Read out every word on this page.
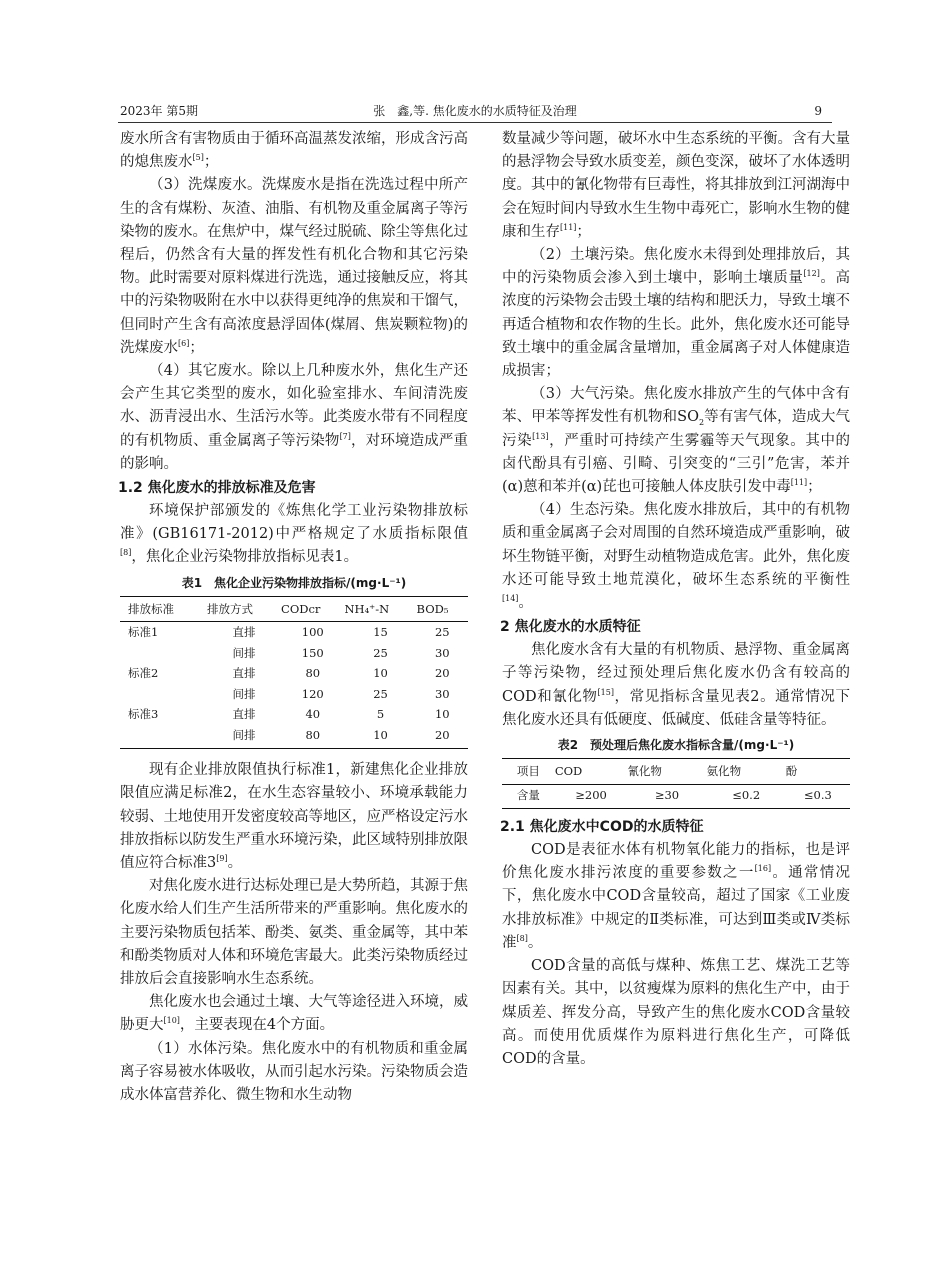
2023年 第5期	张　鑫,等. 焦化废水的水质特征及治理	9

废水所含有害物质由于循环高温蒸发浓缩，形成含污高的熄焦废水[5]；

（3）洗煤废水。洗煤废水是指在洗选过程中所产生的含有煤粉、灰渣、油脂、有机物及重金属离子等污染物的废水。在焦炉中，煤气经过脱硫、除尘等焦化过程后，仍然含有大量的挥发性有机化合物和其它污染物。此时需要对原料煤进行洗选，通过接触反应，将其中的污染物吸附在水中以获得更纯净的焦炭和干馏气，但同时产生含有高浓度悬浮固体(煤屑、焦炭颗粒物)的洗煤废水[6]；

（4）其它废水。除以上几种废水外，焦化生产还会产生其它类型的废水，如化验室排水、车间清洗废水、沥青浸出水、生活污水等。此类废水带有不同程度的有机物质、重金属离子等污染物[7]，对环境造成严重的影响。

1.2 焦化废水的排放标准及危害

环境保护部颁发的《炼焦化学工业污染物排放标准》(GB16171-2012)中严格规定了水质指标限值[8]，焦化企业污染物排放指标见表1。

表1　焦化企业污染物排放指标/(mg·L⁻¹)
排放标准	排放方式	CODcr	NH₄⁺-N	BOD₅
标准1	直排	100	15	25
	间排	150	25	30
标准2	直排	80	10	20
	间排	120	25	30
标准3	直排	40	5	10
	间排	80	10	20

现有企业排放限值执行标准1，新建焦化企业排放限值应满足标准2，在水生态容量较小、环境承载能力较弱、土地使用开发密度较高等地区，应严格设定污水排放指标以防发生严重水环境污染，此区域特别排放限值应符合标准3[9]。

对焦化废水进行达标处理已是大势所趋，其源于焦化废水给人们生产生活所带来的严重影响。焦化废水的主要污染物质包括苯、酚类、氨类、重金属等，其中苯和酚类物质对人体和环境危害最大。此类污染物质经过排放后会直接影响水生态系统。

焦化废水也会通过土壤、大气等途径进入环境，威胁更大[10]，主要表现在4个方面。

（1）水体污染。焦化废水中的有机物质和重金属离子容易被水体吸收，从而引起水污染。污染物质会造成水体富营养化、微生物和水生动物

数量减少等问题，破坏水中生态系统的平衡。含有大量的悬浮物会导致水质变差，颜色变深，破坏了水体透明度。其中的氰化物带有巨毒性，将其排放到江河湖海中会在短时间内导致水生生物中毒死亡，影响水生物的健康和生存[11]；

（2）土壤污染。焦化废水未得到处理排放后，其中的污染物质会渗入到土壤中，影响土壤质量[12]。高浓度的污染物会击毁土壤的结构和肥沃力，导致土壤不再适合植物和农作物的生长。此外，焦化废水还可能导致土壤中的重金属含量增加，重金属离子对人体健康造成损害；

（3）大气污染。焦化废水排放产生的气体中含有苯、甲苯等挥发性有机物和$SO_2$等有害气体，造成大气污染[13]，严重时可持续产生雾霾等天气现象。其中的卤代酚具有引癌、引畸、引突变的“三引”危害，苯并(α)蒽和苯并(α)芘也可接触人体皮肤引发中毒[11]；

（4）生态污染。焦化废水排放后，其中的有机物质和重金属离子会对周围的自然环境造成严重影响，破坏生物链平衡，对野生动植物造成危害。此外，焦化废水还可能导致土地荒漠化，破坏生态系统的平衡性[14]。

2 焦化废水的水质特征

焦化废水含有大量的有机物质、悬浮物、重金属离子等污染物，经过预处理后焦化废水仍含有较高的COD和氰化物[15]，常见指标含量见表2。通常情况下焦化废水还具有低硬度、低碱度、低硅含量等特征。

表2　预处理后焦化废水指标含量/(mg·L⁻¹)
项目	COD	氰化物	氨化物	酚
含量	≥200	≥30	≤0.2	≤0.3
2.1 焦化废水中COD的水质特征

COD是表征水体有机物氧化能力的指标，也是评价焦化废水排污浓度的重要参数之一[16]。通常情况下，焦化废水中COD含量较高，超过了国家《工业废水排放标准》中规定的Ⅱ类标准，可达到Ⅲ类或Ⅳ类标准[8]。

COD含量的高低与煤种、炼焦工艺、煤洗工艺等因素有关。其中，以贫瘦煤为原料的焦化生产中，由于煤质差、挥发分高，导致产生的焦化废水COD含量较高。而使用优质煤作为原料进行焦化生产，可降低COD的含量。
